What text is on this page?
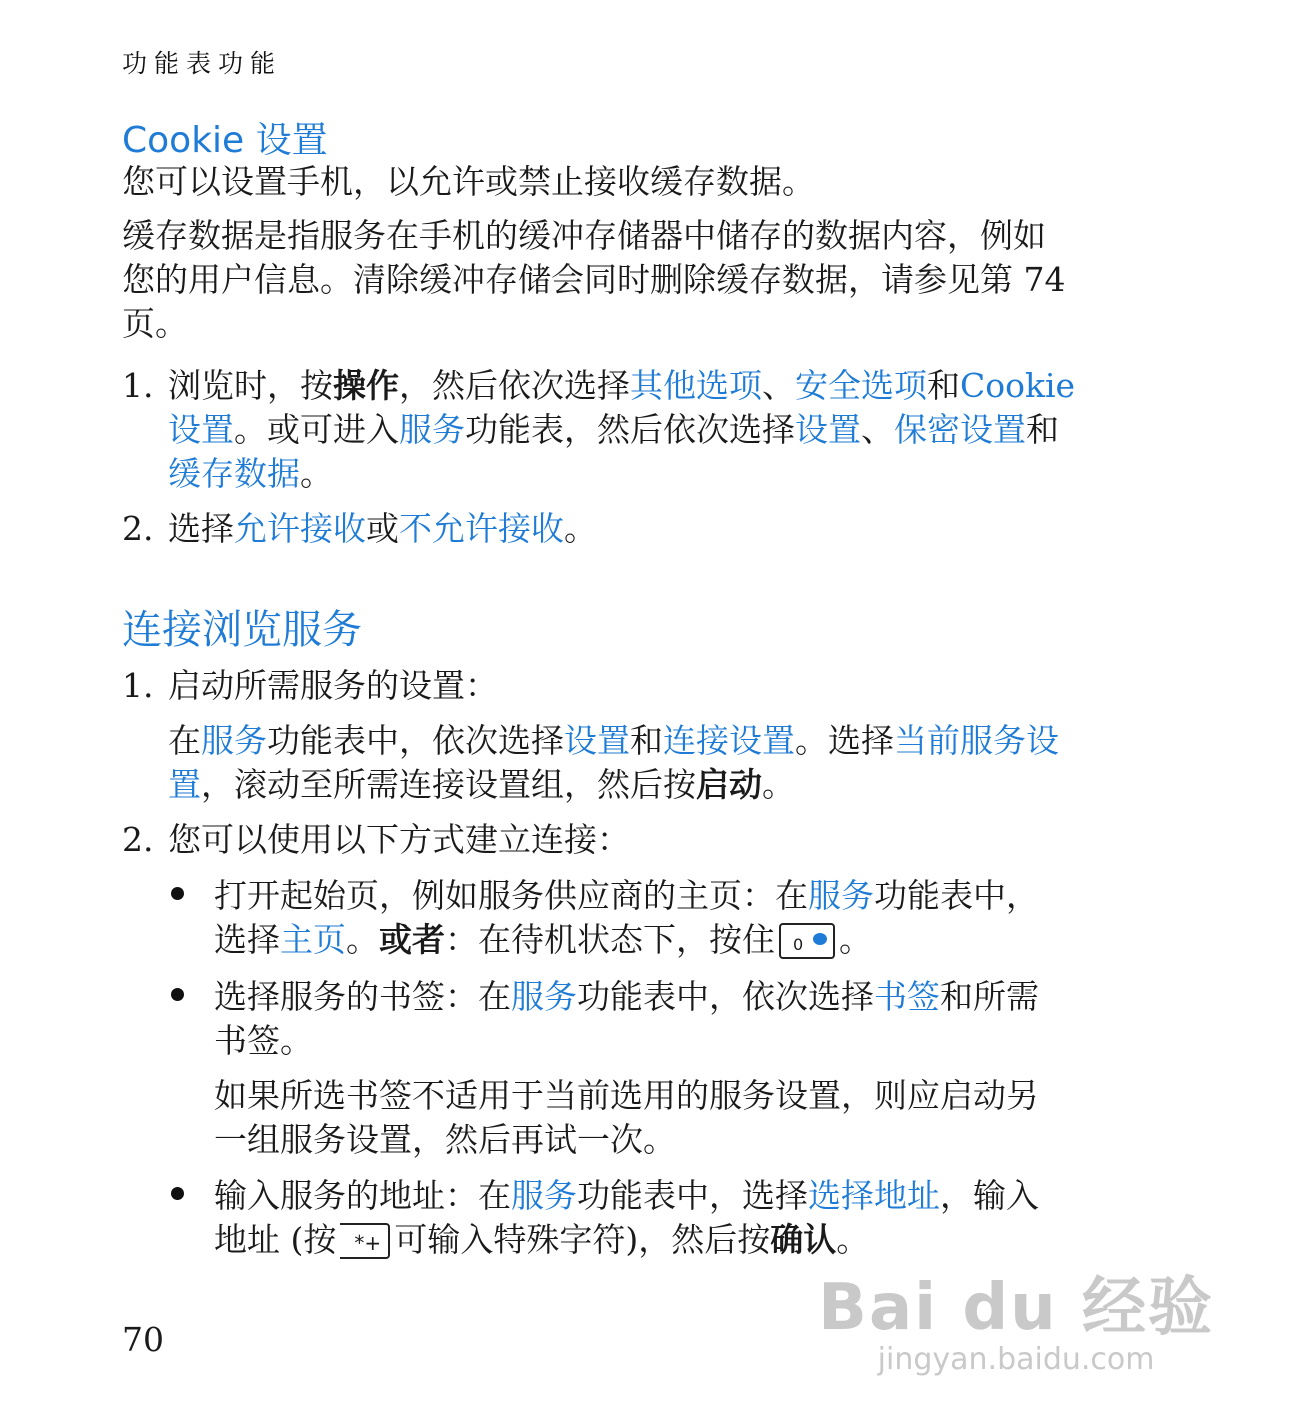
功能表功能
Cookie 设置
您可以设置手机，以允许或禁止接收缓存数据。
缓存数据是指服务在手机的缓冲存储器中储存的数据内容，例如
您的用户信息。清除缓冲存储会同时删除缓存数据，请参见第 74
页。
1. 浏览时，按操作，然后依次选择其他选项、安全选项和Cookie
设置。或可进入服务功能表，然后依次选择设置、保密设置和
缓存数据。
2. 选择允许接收或不允许接收。
连接浏览服务
1. 启动所需服务的设置：
在服务功能表中，依次选择设置和连接设置。选择当前服务设
置，滚动至所需连接设置组，然后按启动。
2. 您可以使用以下方式建立连接：
打开起始页，例如服务供应商的主页：在服务功能表中，
选择主页。或者：在待机状态下，按住 0 。
选择服务的书签：在服务功能表中，依次选择书签和所需
书签。
如果所选书签不适用于当前选用的服务设置，则应启动另
一组服务设置，然后再试一次。
输入服务的地址：在服务功能表中，选择选择地址，输入
地址 (按 *+ 可输入特殊字符)，然后按确认。
70	Bai du 经验
jingyan.baidu.com
